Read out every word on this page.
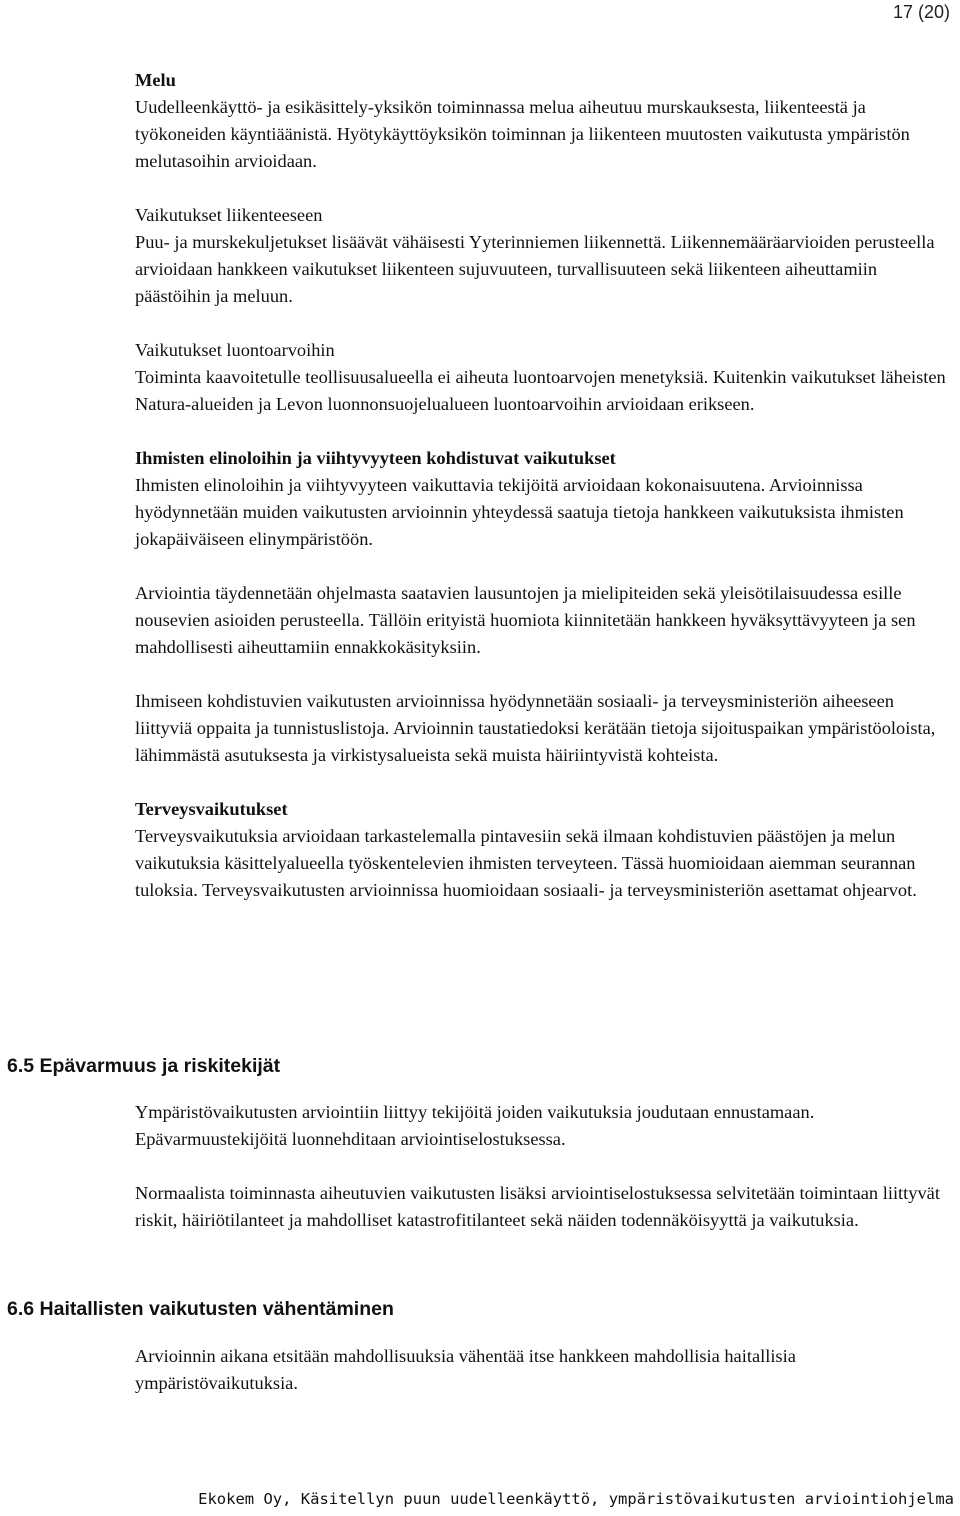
17 (20)
Melu
Uudelleenkäyttö- ja esikäsittely-yksikön toiminnassa melua aiheutuu murskauksesta, liikenteestä ja työkoneiden käyntiäänistä. Hyötykäyttöyksikön toiminnan ja liikenteen muutosten vaikutusta ympäristön melutasoihin arvioidaan.
Vaikutukset liikenteeseen
Puu- ja murskekuljetukset lisäävät vähäisesti Yyterinniemen liikennettä. Liikennemääräarvioiden perusteella arvioidaan hankkeen vaikutukset liikenteen sujuvuuteen, turvallisuuteen sekä liikenteen aiheuttamiin päästöihin ja meluun.
Vaikutukset luontoarvoihin
Toiminta kaavoitetulle teollisuusalueella ei aiheuta luontoarvojen menetyksiä. Kuitenkin vaikutukset läheisten Natura-alueiden ja Levon luonnonsuojelualueen luontoarvoihin arvioidaan erikseen.
Ihmisten elinoloihin ja viihtyvyyteen kohdistuvat vaikutukset
Ihmisten elinoloihin ja viihtyvyyteen vaikuttavia tekijöitä arvioidaan kokonaisuutena. Arvioinnissa hyödynnetään muiden vaikutusten arvioinnin yhteydessä saatuja tietoja hankkeen vaikutuksista ihmisten jokapäiväiseen elinympäristöön.
Arviointia täydennetään ohjelmasta saatavien lausuntojen ja mielipiteiden sekä yleisötilaisuudessa esille nousevien asioiden perusteella. Tällöin erityistä huomiota kiinnitetään hankkeen hyväksyttävyyteen ja sen mahdollisesti aiheuttamiin ennakkokäsityksiin.
Ihmiseen kohdistuvien vaikutusten arvioinnissa hyödynnetään sosiaali- ja terveysministeriön aiheeseen liittyviä oppaita ja tunnistuslistoja. Arvioinnin taustatiedoksi kerätään tietoja sijoituspaikan ympäristöoloista, lähimmästä asutuksesta ja virkistysalueista sekä muista häiriintyvistä kohteista.
Terveysvaikutukset
Terveysvaikutuksia arvioidaan tarkastelemalla pintavesiin sekä ilmaan kohdistuvien päästöjen ja melun vaikutuksia käsittelyalueella työskentelevien ihmisten terveyteen. Tässä huomioidaan aiemman seurannan tuloksia. Terveysvaikutusten arvioinnissa huomioidaan sosiaali- ja terveysministeriön asettamat ohjearvot.
6.5 Epävarmuus ja riskitekijät
Ympäristövaikutusten arviointiin liittyy tekijöitä joiden vaikutuksia joudutaan ennustamaan. Epävarmuustekijöitä luonnehditaan arviointiselostuksessa.
Normaalista toiminnasta aiheutuvien vaikutusten lisäksi arviointiselostuksessa selvitetään toimintaan liittyvät riskit, häiriötilanteet ja mahdolliset katastrofitilanteet sekä näiden todennäköisyyttä ja vaikutuksia.
6.6 Haitallisten vaikutusten vähentäminen
Arvioinnin aikana etsitään mahdollisuuksia vähentää itse hankkeen mahdollisia haitallisia ympäristövaikutuksia.
Ekokem Oy, Käsitellyn puun uudelleenkäyttö, ympäristövaikutusten arviointiohjelma
